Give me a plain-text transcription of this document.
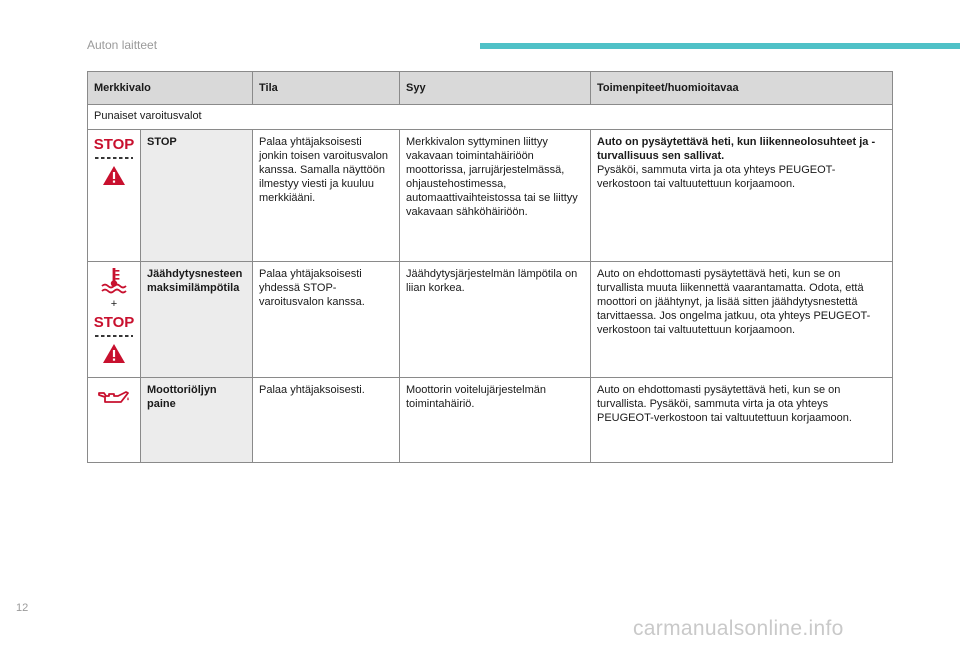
Auton laitteet
Merkkivalo		Tila	Syy	Toimenpiteet/huomioitavaa
Punaiset varoitusvalot				

STOP	STOP	Palaa yhtäjaksoisesti jonkin toisen varoitusvalon kanssa. Samalla näyttöön ilmestyy viesti ja kuuluu merkkiääni.	Merkkivalon syttyminen liittyy vakavaan toimintahäiriöön moottorissa, jarrujärjestelmässä, ohjaustehostimessa, automaattivaihteistossa tai se liittyy vakavaan sähköhäiriöön.	Auto on pysäytettävä heti, kun liikenneolosuhteet ja -turvallisuus sen sallivat.
Pysäköi, sammuta virta ja ota yhteys PEUGEOT-verkostoon tai valtuutettuun korjaamoon.

+
STOP	Jäähdytysnesteen maksimilämpötila	Palaa yhtäjaksoisesti yhdessä STOP-varoitusvalon kanssa.	Jäähdytysjärjestelmän lämpötila on liian korkea.	Auto on ehdottomasti pysäytettävä heti, kun se on turvallista muuta liikennettä vaarantamatta. Odota, että moottori on jäähtynyt, ja lisää sitten jäähdytysnestettä tarvittaessa. Jos ongelma jatkuu, ota yhteys PEUGEOT-verkostoon tai valtuutettuun korjaamoon.

	Moottoriöljyn paine	Palaa yhtäjaksoisesti.	Moottorin voitelujärjestelmän toimintahäiriö.	Auto on ehdottomasti pysäytettävä heti, kun se on turvallista. Pysäköi, sammuta virta ja ota yhteys PEUGEOT-verkostoon tai valtuutettuun korjaamoon.
12
carmanualsonline.info
